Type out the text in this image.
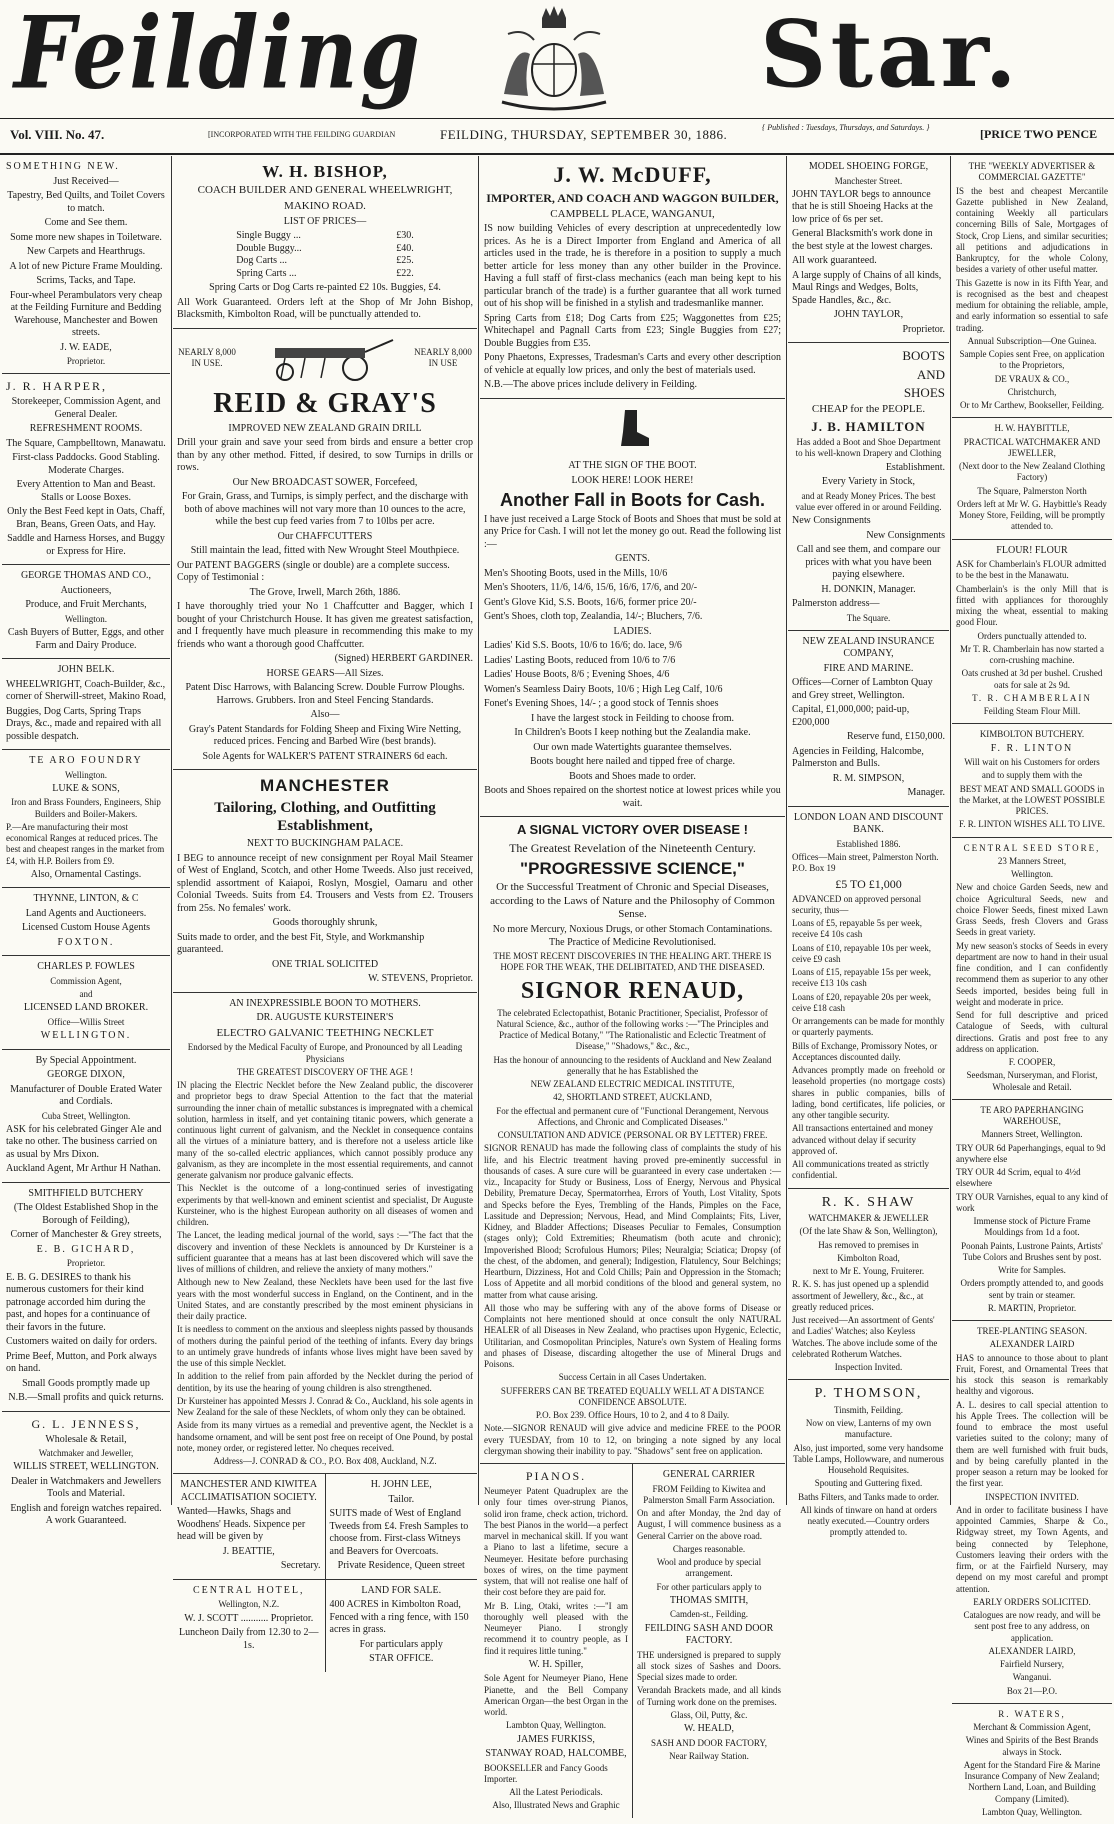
Feilding	Star.
Vol. VIII. No. 47.	[INCORPORATED WITH THE FEILDING GUARDIAN	FEILDING, THURSDAY, SEPTEMBER 30, 1886.	{ Published : Tuesdays, Thursdays, and Saturdays. }	[PRICE TWO PENCE

SOMETHING NEW.

Just Received—

Tapestry, Bed Quilts, and Toilet Covers to match.

Come and See them.

Some more new shapes in Toiletware.

New Carpets and Hearthrugs.

A lot of new Picture Frame Moulding.

Scrims, Tacks, and Tape.

Four-wheel Perambulators very cheap at the Feilding Furniture and Bedding Warehouse, Manchester and Bowen streets.

J. W. EADE,

Proprietor.

J. R. HARPER,

Storekeeper, Commission Agent, and General Dealer.

REFRESHMENT ROOMS.

The Square, Campbelltown, Manawatu.

First-class Paddocks. Good Stabling. Moderate Charges.

Every Attention to Man and Beast. Stalls or Loose Boxes.

Only the Best Feed kept in Oats, Chaff, Bran, Beans, Green Oats, and Hay.

Saddle and Harness Horses, and Buggy or Express for Hire.

GEORGE THOMAS AND CO.,

Auctioneers,

Produce, and Fruit Merchants,

Wellington.

Cash Buyers of Butter, Eggs, and other Farm and Dairy Produce.

JOHN BELK.

WHEELWRIGHT, Coach-Builder, &c., corner of Sherwill-street, Makino Road,

Buggies, Dog Carts, Spring Traps Drays, &c., made and repaired with all possible despatch.

TE ARO FOUNDRY

Wellington.

LUKE & SONS,

Iron and Brass Founders, Engineers, Ship Builders and Boiler-Makers.

P.—Are manufacturing their most economical Ranges at reduced prices. The best and cheapest ranges in the market from £4, with H.P. Boilers from £9.

Also, Ornamental Castings.

THYNNE, LINTON, & C

Land Agents and Auctioneers.

Licensed Custom House Agents

FOXTON.

CHARLES P. FOWLES

Commission Agent,

and

LICENSED LAND BROKER.

Office—Willis Street

WELLINGTON.

By Special Appointment.

GEORGE DIXON,

Manufacturer of Double Erated Water and Cordials.

Cuba Street, Wellington.

ASK for his celebrated Ginger Ale and take no other. The business carried on as usual by Mrs Dixon.

Auckland Agent, Mr Arthur H Nathan.

SMITHFIELD BUTCHERY

(The Oldest Established Shop in the Borough of Feilding),

Corner of Manchester & Grey streets,

E. B. GICHARD,

Proprietor.

E. B. G. DESIRES to thank his numerous customers for their kind patronage accorded him during the past, and hopes for a continuance of their favors in the future.

Customers waited on daily for orders.

Prime Beef, Mutton, and Pork always on hand.

Small Goods promptly made up

N.B.—Small profits and quick returns.

G. L. JENNESS,

Wholesale & Retail,

Watchmaker and Jeweller,

WILLIS STREET, WELLINGTON.

Dealer in Watchmakers and Jewellers Tools and Material.

English and foreign watches repaired. A work Guaranteed.

W. H. BISHOP,

COACH BUILDER AND GENERAL WHEELWRIGHT,

MAKINO ROAD.

LIST OF PRICES—

Single Buggy ...	£30.
Double Buggy...	£40.
Dog Carts ...	£25.
Spring Carts ...	£22.

Spring Carts or Dog Carts re-painted £2 10s. Buggies, £4.

All Work Guaranteed. Orders left at the Shop of Mr John Bishop, Blacksmith, Kimbolton Road, will be punctually attended to.

NEARLY 8,000 IN USE.
NEARLY 8,000 IN USE

REID & GRAY'S

IMPROVED NEW ZEALAND GRAIN DRILL

Drill your grain and save your seed from birds and ensure a better crop than by any other method. Fitted, if desired, to sow Turnips in drills or rows.

Our New BROADCAST SOWER, Forcefeed,

For Grain, Grass, and Turnips, is simply perfect, and the discharge with both of above machines will not vary more than 10 ounces to the acre, while the best cup feed varies from 7 to 10lbs per acre.

Our CHAFFCUTTERS

Still maintain the lead, fitted with New Wrought Steel Mouthpiece.

Our PATENT BAGGERS (single or double) are a complete success. Copy of Testimonial :

The Grove, Irwell, March 26th, 1886.

I have thoroughly tried your No 1 Chaffcutter and Bagger, which I bought of your Christchurch House. It has given me greatest satisfaction, and I frequently have much pleasure in recommending this make to my friends who want a thorough good Chaffcutter.

(Signed) HERBERT GARDINER.

HORSE GEARS—All Sizes.

Patent Disc Harrows, with Balancing Screw. Double Furrow Ploughs. Harrows. Grubbers. Iron and Steel Fencing Standards.

Also—

Gray's Patent Standards for Folding Sheep and Fixing Wire Netting, reduced prices. Fencing and Barbed Wire (best brands).

Sole Agents for WALKER'S PATENT STRAINERS 6d each.

MANCHESTER

Tailoring, Clothing, and Outfitting Establishment,

NEXT TO BUCKINGHAM PALACE.

I BEG to announce receipt of new consignment per Royal Mail Steamer of West of England, Scotch, and other Home Tweeds. Also just received, splendid assortment of Kaiapoi, Roslyn, Mosgiel, Oamaru and other Colonial Tweeds. Suits from £4. Trousers and Vests from £2. Trousers from 25s. No females' work.

Goods thoroughly shrunk,

Suits made to order, and the best Fit, Style, and Workmanship guaranteed.

ONE TRIAL SOLICITED

W. STEVENS, Proprietor.

AN INEXPRESSIBLE BOON TO MOTHERS.

DR. AUGUSTE KURSTEINER'S

ELECTRO GALVANIC TEETHING NECKLET

Endorsed by the Medical Faculty of Europe, and Pronounced by all Leading Physicians

THE GREATEST DISCOVERY OF THE AGE !

IN placing the Electric Necklet before the New Zealand public, the discoverer and proprietor begs to draw Special Attention to the fact that the material surrounding the inner chain of metallic substances is impregnated with a chemical solution, harmless in itself, and yet containing titanic powers, which generate a continuous light current of galvanism, and the Necklet in consequence contains all the virtues of a miniature battery, and is therefore not a useless article like many of the so-called electric appliances, which cannot possibly produce any galvanism, as they are incomplete in the most essential requirements, and cannot generate galvanism nor produce galvanic effects.

This Necklet is the outcome of a long-continued series of investigating experiments by that well-known and eminent scientist and specialist, Dr Auguste Kursteiner, who is the highest European authority on all diseases of women and children.

The Lancet, the leading medical journal of the world, says :—"The fact that the discovery and invention of these Necklets is announced by Dr Kursteiner is a sufficient guarantee that a means has at last been discovered which will save the lives of millions of children, and relieve the anxiety of many mothers."

Although new to New Zealand, these Necklets have been used for the last five years with the most wonderful success in England, on the Continent, and in the United States, and are constantly prescribed by the most eminent physicians in their daily practice.

It is needless to comment on the anxious and sleepless nights passed by thousands of mothers during the painful period of the teething of infants. Every day brings to an untimely grave hundreds of infants whose lives might have been saved by the use of this simple Necklet.

In addition to the relief from pain afforded by the Necklet during the period of dentition, by its use the hearing of young children is also strengthened.

Dr Kursteiner has appointed Messrs J. Conrad & Co., Auckland, his sole agents in New Zealand for the sale of these Necklets, of whom only they can be obtained.

Aside from its many virtues as a remedial and preventive agent, the Necklet is a handsome ornament, and will be sent post free on receipt of One Pound, by postal note, money order, or registered letter. No cheques received.

Address—J. CONRAD & CO., P.O. Box 408, Auckland, N.Z.

MANCHESTER AND KIWITEA ACCLIMATISATION SOCIETY.

Wanted—Hawks, Shags and Woodhens' Heads. Sixpence per head will be given by

J. BEATTIE,

Secretary.

H. JOHN LEE,

Tailor.

SUITS made of West of England Tweeds from £4. Fresh Samples to choose from. First-class Witneys and Beavers for Overcoats.

Private Residence, Queen street

CENTRAL HOTEL,

Wellington, N.Z.

W. J. SCOTT ........... Proprietor.

Luncheon Daily from 12.30 to 2—1s.

LAND FOR SALE.

400 ACRES in Kimbolton Road, Fenced with a ring fence, with 150 acres in grass.

For particulars apply

STAR OFFICE.

J. W. McDUFF,

IMPORTER, AND COACH AND WAGGON BUILDER,

CAMPBELL PLACE, WANGANUI,

IS now building Vehicles of every description at unprecedentedly low prices. As he is a Direct Importer from England and America of all articles used in the trade, he is therefore in a position to supply a much better article for less money than any other builder in the Province. Having a full staff of first-class mechanics (each man being kept to his particular branch of the trade) is a further guarantee that all work turned out of his shop will be finished in a stylish and tradesmanlike manner.

Spring Carts from £18; Dog Carts from £25; Waggonettes from £25; Whitechapel and Pagnall Carts from £23; Single Buggies from £27; Double Buggies from £35.

Pony Phaetons, Expresses, Tradesman's Carts and every other description of vehicle at equally low prices, and only the best of materials used.

N.B.—The above prices include delivery in Feilding.

AT THE SIGN OF THE BOOT.

LOOK HERE! LOOK HERE!

Another Fall in Boots for Cash.

I have just received a Large Stock of Boots and Shoes that must be sold at any Price for Cash. I will not let the money go out. Read the following list :—

GENTS.

Men's Shooting Boots, used in the Mills, 10/6

Men's Shooters, 11/6, 14/6, 15/6, 16/6, 17/6, and 20/-

Gent's Glove Kid, S.S. Boots, 16/6, former price 20/-

Gent's Shoes, cloth top, Zealandia, 14/-; Bluchers, 7/6.

LADIES.

Ladies' Kid S.S. Boots, 10/6 to 16/6; do. lace, 9/6

Ladies' Lasting Boots, reduced from 10/6 to 7/6

Ladies' House Boots, 8/6 ; Evening Shoes, 4/6

Women's Seamless Dairy Boots, 10/6 ; High Leg Calf, 10/6

Fonet's Evening Shoes, 14/- ; a good stock of Tennis shoes

I have the largest stock in Feilding to choose from.

In Children's Boots I keep nothing but the Zealandia make.

Our own made Watertights guarantee themselves.

Boots bought here nailed and tipped free of charge.

Boots and Shoes made to order.

Boots and Shoes repaired on the shortest notice at lowest prices while you wait.

A SIGNAL VICTORY OVER DISEASE !

The Greatest Revelation of the Nineteenth Century.

"PROGRESSIVE SCIENCE,"

Or the Successful Treatment of Chronic and Special Diseases, according to the Laws of Nature and the Philosophy of Common Sense.

No more Mercury, Noxious Drugs, or other Stomach Contaminations. The Practice of Medicine Revolutionised.

THE MOST RECENT DISCOVERIES IN THE HEALING ART. THERE IS HOPE FOR THE WEAK, THE DELIBITATED, AND THE DISEASED.

SIGNOR RENAUD,

The celebrated Eclectopathist, Botanic Practitioner, Specialist, Professor of Natural Science, &c., author of the following works :—"The Principles and Practice of Medical Botany," "The Rationalistic and Eclectic Treatment of Disease," "Shadows," &c., &c.,

Has the honour of announcing to the residents of Auckland and New Zealand generally that he has Established the

NEW ZEALAND ELECTRIC MEDICAL INSTITUTE,

42, SHORTLAND STREET, AUCKLAND,

For the effectual and permanent cure of "Functional Derangement, Nervous Affections, and Chronic and Complicated Diseases."

CONSULTATION AND ADVICE (PERSONAL OR BY LETTER) FREE.

SIGNOR RENAUD has made the following class of complaints the study of his life, and his Electric treatment having proved pre-eminently successful in thousands of cases. A sure cure will be guaranteed in every case undertaken :—viz., Incapacity for Study or Business, Loss of Energy, Nervous and Physical Debility, Premature Decay, Spermatorrhea, Errors of Youth, Lost Vitality, Spots and Specks before the Eyes, Trembling of the Hands, Pimples on the Face, Lassitude and Depression; Nervous, Head, and Mind Complaints; Fits, Liver, Kidney, and Bladder Affections; Diseases Peculiar to Females, Consumption (stages only); Cold Extremities; Rheumatism (both acute and chronic); Impoverished Blood; Scrofulous Humors; Piles; Neuralgia; Sciatica; Dropsy (of the chest, of the abdomen, and general); Indigestion, Flatulency, Sour Belchings; Heartburn, Dizziness, Hot and Cold Chills; Pain and Oppression in the Stomach; Loss of Appetite and all morbid conditions of the blood and general system, no matter from what cause arising.

All those who may be suffering with any of the above forms of Disease or Complaints not here mentioned should at once consult the only NATURAL HEALER of all Diseases in New Zealand, who practises upon Hygenic, Eclectic, Utilitarian, and Cosmopolitan Principles, Nature's own System of Healing forms and phases of Disease, discarding altogether the use of Mineral Drugs and Poisons.

Success Certain in all Cases Undertaken.

SUFFERERS CAN BE TREATED EQUALLY WELL AT A DISTANCE CONFIDENCE ABSOLUTE.

P.O. Box 239. Office Hours, 10 to 2, and 4 to 8 Daily.

Note.—SIGNOR RENAUD will give advice and medicine FREE to the POOR every TUESDAY, from 10 to 12, on bringing a note signed by any local clergyman showing their inability to pay. "Shadows" sent free on application.

PIANOS.

Neumeyer Patent Quadruplex are the only four times over-strung Pianos, solid iron frame, check action, trichord. The best Pianos in the world—a perfect marvel in mechanical skill. If you want a Piano to last a lifetime, secure a Neumeyer. Hesitate before purchasing boxes of wires, on the time payment system, that will not realise one half of their cost before they are paid for.

Mr B. Ling, Otaki, writes :—"I am thoroughly well pleased with the Neumeyer Piano. I strongly recommend it to country people, as I find it requires little tuning."

W. H. Spiller,

Sole Agent for Neumeyer Piano, Hene Pianette, and the Bell Company American Organ—the best Organ in the world.

Lambton Quay, Wellington.

JAMES FURKISS,

STANWAY ROAD, HALCOMBE,

BOOKSELLER and Fancy Goods Importer.

All the Latest Periodicals.

Also, Illustrated News and Graphic

GENERAL CARRIER

FROM Feilding to Kiwitea and Palmerston Small Farm Association.

On and after Monday, the 2nd day of August, I will commence business as a General Carrier on the above road.

Charges reasonable.

Wool and produce by special arrangement.

For other particulars apply to

THOMAS SMITH,

Camden-st., Feilding.

FEILDING SASH AND DOOR FACTORY.

THE undersigned is prepared to supply all stock sizes of Sashes and Doors. Special sizes made to order.

Verandah Brackets made, and all kinds of Turning work done on the premises.

Glass, Oil, Putty, &c.

W. HEALD,

SASH AND DOOR FACTORY,

Near Railway Station.

MODEL SHOEING FORGE,

Manchester Street.

JOHN TAYLOR begs to announce that he is still Shoeing Hacks at the low price of 6s per set.

General Blacksmith's work done in the best style at the lowest charges.

All work guaranteed.

A large supply of Chains of all kinds, Maul Rings and Wedges, Bolts, Spade Handles, &c., &c.

JOHN TAYLOR,

Proprietor.

BOOTS

AND

SHOES

CHEAP for the PEOPLE.

J. B. HAMILTON

Has added a Boot and Shoe Department to his well-known Drapery and Clothing

Establishment.

Every Variety in Stock,

and at Ready Money Prices. The best value ever offered in or around Feilding.

New Consignments

New Consignments

Call and see them, and compare our prices with what you have been paying elsewhere.

H. DONKIN, Manager.

Palmerston address—

The Square.

NEW ZEALAND INSURANCE COMPANY,

FIRE AND MARINE.

Offices—Corner of Lambton Quay and Grey street, Wellington.

Capital, £1,000,000; paid-up, £200,000

Reserve fund, £150,000.

Agencies in Feilding, Halcombe, Palmerston and Bulls.

R. M. SIMPSON,

Manager.

LONDON LOAN AND DISCOUNT BANK.

Established 1886.

Offices—Main street, Palmerston North. P.O. Box 19

£5 TO £1,000

ADVANCED on approved personal security, thus—

Loans of £5, repayable 5s per week, receive £4 10s cash

Loans of £10, repayable 10s per week, ceive £9 cash

Loans of £15, repayable 15s per week, receive £13 10s cash

Loans of £20, repayable 20s per week, ceive £18 cash

Or arrangements can be made for monthly or quarterly payments.

Bills of Exchange, Promissory Notes, or Acceptances discounted daily.

Advances promptly made on freehold or leasehold properties (no mortgage costs) shares in public companies, bills of lading, bond certificates, life policies, or any other tangible security.

All transactions entertained and money advanced without delay if security approved of.

All communications treated as strictly confidential.

R. K. SHAW

WATCHMAKER & JEWELLER

(Of the late Shaw & Son, Wellington),

Has removed to premises in

Kimbolton Road,

next to Mr E. Young, Fruiterer.

R. K. S. has just opened up a splendid assortment of Jewellery, &c., &c., at greatly reduced prices.

Just received—An assortment of Gents' and Ladies' Watches; also Keyless Watches. The above include some of the celebrated Rotherum Watches.

Inspection Invited.

P. THOMSON,

Tinsmith, Feilding.

Now on view, Lanterns of my own manufacture.

Also, just imported, some very handsome Table Lamps, Hollowware, and numerous Household Requisites.

Spouting and Guttering fixed.

Baths Filters, and Tanks made to order.

All kinds of tinware on hand at orders neatly executed.—Country orders promptly attended to.

THE "WEEKLY ADVERTISER & COMMERCIAL GAZETTE"

IS the best and cheapest Mercantile Gazette published in New Zealand, containing Weekly all particulars concerning Bills of Sale, Mortgages of Stock, Crop Liens, and similar securities; all petitions and adjudications in Bankruptcy, for the whole Colony, besides a variety of other useful matter.

This Gazette is now in its Fifth Year, and is recognised as the best and cheapest medium for obtaining the reliable, ample, and early information so essential to safe trading.

Annual Subscription—One Guinea.

Sample Copies sent Free, on application to the Proprietors,

DE VRAUX & CO.,

Christchurch,

Or to Mr Carthew, Bookseller, Feilding.

H. W. HAYBITTLE,

PRACTICAL WATCHMAKER AND JEWELLER,

(Next door to the New Zealand Clothing Factory)

The Square, Palmerston North

Orders left at Mr W. G. Haybittle's Ready Money Store, Feilding, will be promptly attended to.

FLOUR! FLOUR

ASK for Chamberlain's FLOUR admitted to be the best in the Manawatu.

Chamberlain's is the only Mill that is fitted with appliances for thoroughly mixing the wheat, essential to making good Flour.

Orders punctually attended to.

Mr T. R. Chamberlain has now started a corn-crushing machine.

Oats crushed at 3d per bushel. Crushed oats for sale at 2s 9d.

T. R. CHAMBERLAIN

Feilding Steam Flour Mill.

KIMBOLTON BUTCHERY.

F. R. LINTON

Will wait on his Customers for orders

and to supply them with the

BEST MEAT AND SMALL GOODS in the Market, at the LOWEST POSSIBLE PRICES.

F. R. LINTON WISHES ALL TO LIVE.

CENTRAL SEED STORE,

23 Manners Street,

Wellington.

New and choice Garden Seeds, new and choice Agricultural Seeds, new and choice Flower Seeds, finest mixed Lawn Grass Seeds, fresh Clovers and Grass Seeds in great variety.

My new season's stocks of Seeds in every department are now to hand in their usual fine condition, and I can confidently recommend them as superior to any other Seeds imported, besides being full in weight and moderate in price.

Send for full descriptive and priced Catalogue of Seeds, with cultural directions. Gratis and post free to any address on application.

F. COOPER,

Seedsman, Nurseryman, and Florist, Wholesale and Retail.

TE ARO PAPERHANGING WAREHOUSE,

Manners Street, Wellington.

TRY OUR 6d Paperhangings, equal to 9d anywhere else

TRY OUR 4d Scrim, equal to 4½d elsewhere

TRY OUR Varnishes, equal to any kind of work

Immense stock of Picture Frame Mouldings from 1d a foot.

Poonah Paints, Lustrone Paints, Artists' Tube Colors and Brushes sent by post.

Write for Samples.

Orders promptly attended to, and goods sent by train or steamer.

R. MARTIN, Proprietor.

TREE-PLANTING SEASON.

ALEXANDER LAIRD

HAS to announce to those about to plant Fruit, Forest, and Ornamental Trees that his stock this season is remarkably healthy and vigorous.

A. L. desires to call special attention to his Apple Trees. The collection will be found to embrace the most useful varieties suited to the colony; many of them are well furnished with fruit buds, and by being carefully planted in the proper season a return may be looked for the first year.

INSPECTION INVITED.

And in order to facilitate business I have appointed Cammies, Sharpe & Co., Ridgway street, my Town Agents, and being connected by Telephone, Customers leaving their orders with the firm, or at the Fairfield Nursery, may depend on my most careful and prompt attention.

EARLY ORDERS SOLICITED.

Catalogues are now ready, and will be sent post free to any address, on application.

ALEXANDER LAIRD,

Fairfield Nursery,

Wanganui.

Box 21—P.O.

R. WATERS,

Merchant & Commission Agent,

Wines and Spirits of the Best Brands always in Stock.

Agent for the Standard Fire & Marine Insurance Company of New Zealand; Northern Land, Loan, and Building Company (Limited).

Lambton Quay, Wellington.
